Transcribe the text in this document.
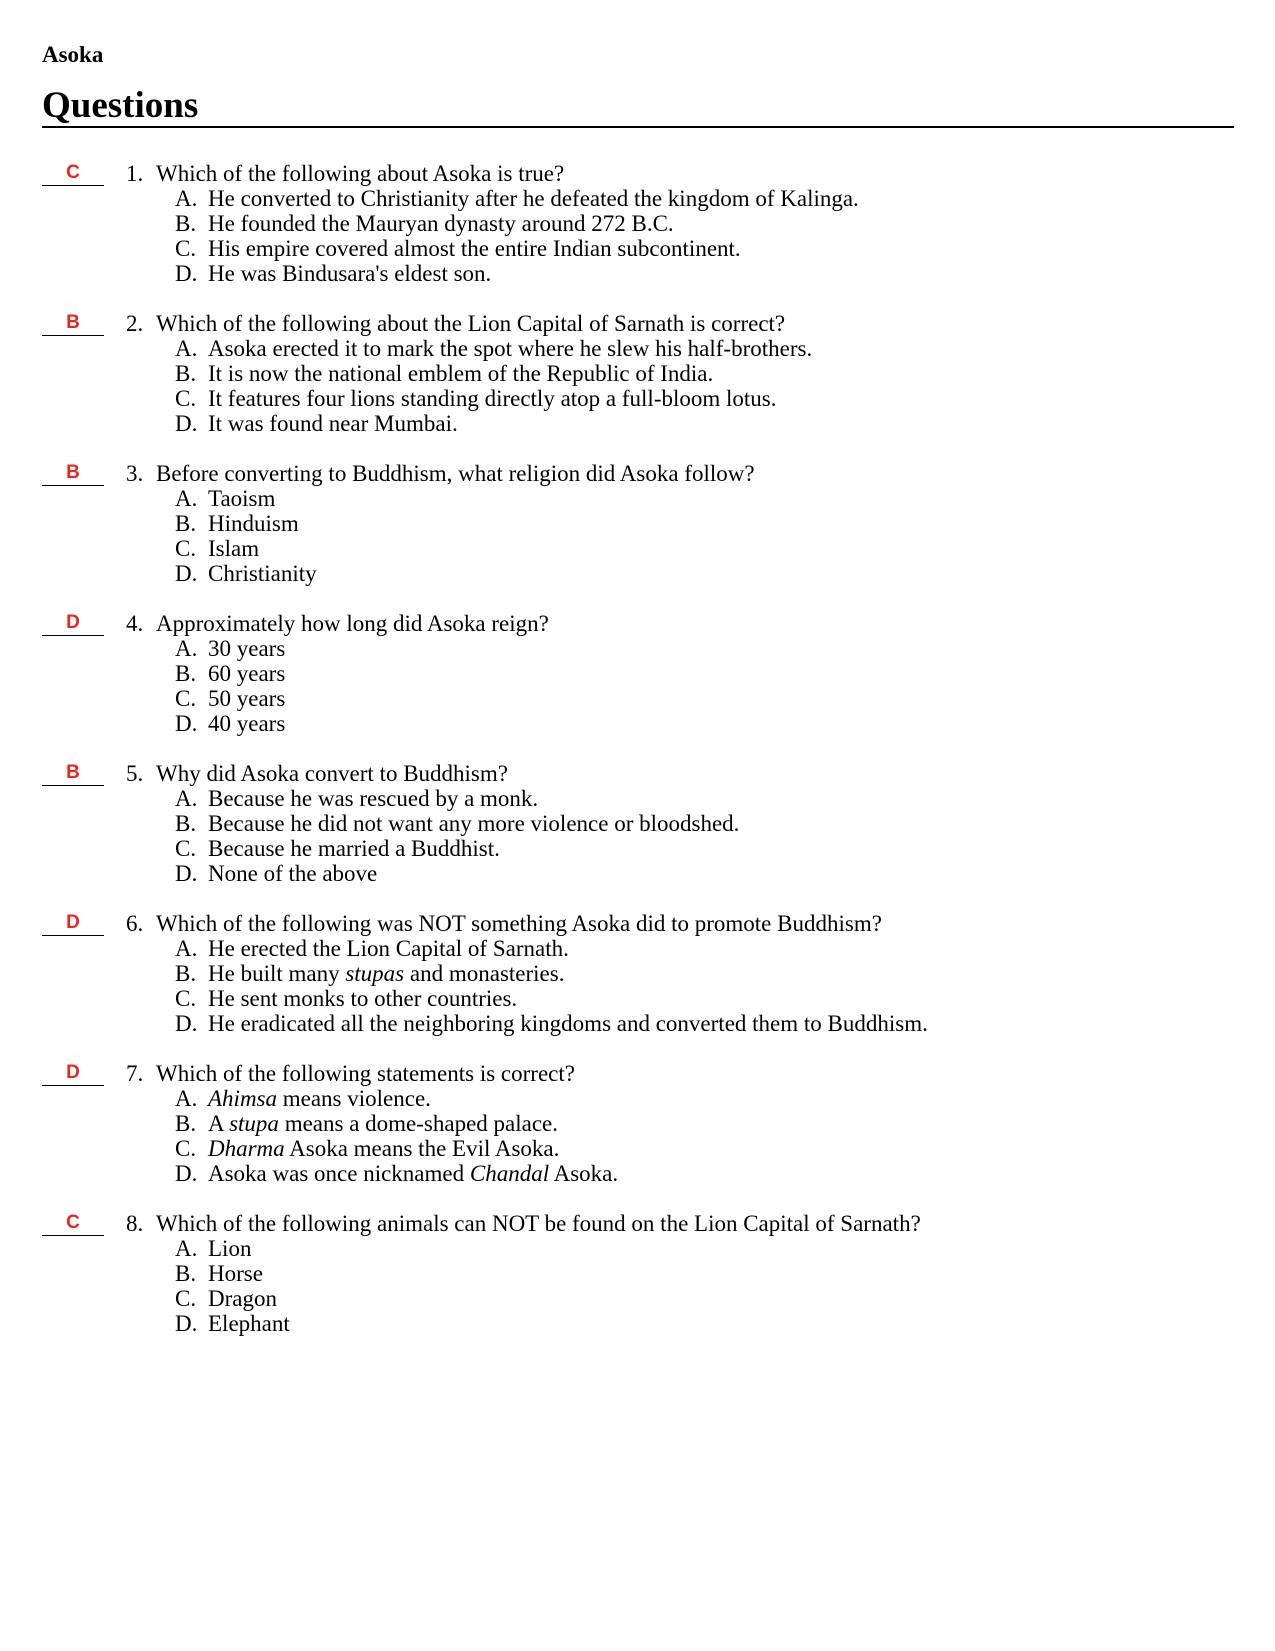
Asoka
Questions
C	1. Which of the following about Asoka is true?
A. He converted to Christianity after he defeated the kingdom of Kalinga.
B. He founded the Mauryan dynasty around 272 B.C.
C. His empire covered almost the entire Indian subcontinent.
D. He was Bindusara's eldest son.
B	2. Which of the following about the Lion Capital of Sarnath is correct?
A. Asoka erected it to mark the spot where he slew his half-brothers.
B. It is now the national emblem of the Republic of India.
C. It features four lions standing directly atop a full-bloom lotus.
D. It was found near Mumbai.
B	3. Before converting to Buddhism, what religion did Asoka follow?
A. Taoism
B. Hinduism
C. Islam
D. Christianity
D	4. Approximately how long did Asoka reign?
A. 30 years
B. 60 years
C. 50 years
D. 40 years
B	5. Why did Asoka convert to Buddhism?
A. Because he was rescued by a monk.
B. Because he did not want any more violence or bloodshed.
C. Because he married a Buddhist.
D. None of the above
D	6. Which of the following was NOT something Asoka did to promote Buddhism?
A. He erected the Lion Capital of Sarnath.
B. He built many stupas and monasteries.
C. He sent monks to other countries.
D. He eradicated all the neighboring kingdoms and converted them to Buddhism.
D	7. Which of the following statements is correct?
A. Ahimsa means violence.
B. A stupa means a dome-shaped palace.
C. Dharma Asoka means the Evil Asoka.
D. Asoka was once nicknamed Chandal Asoka.
C	8. Which of the following animals can NOT be found on the Lion Capital of Sarnath?
A. Lion
B. Horse
C. Dragon
D. Elephant
